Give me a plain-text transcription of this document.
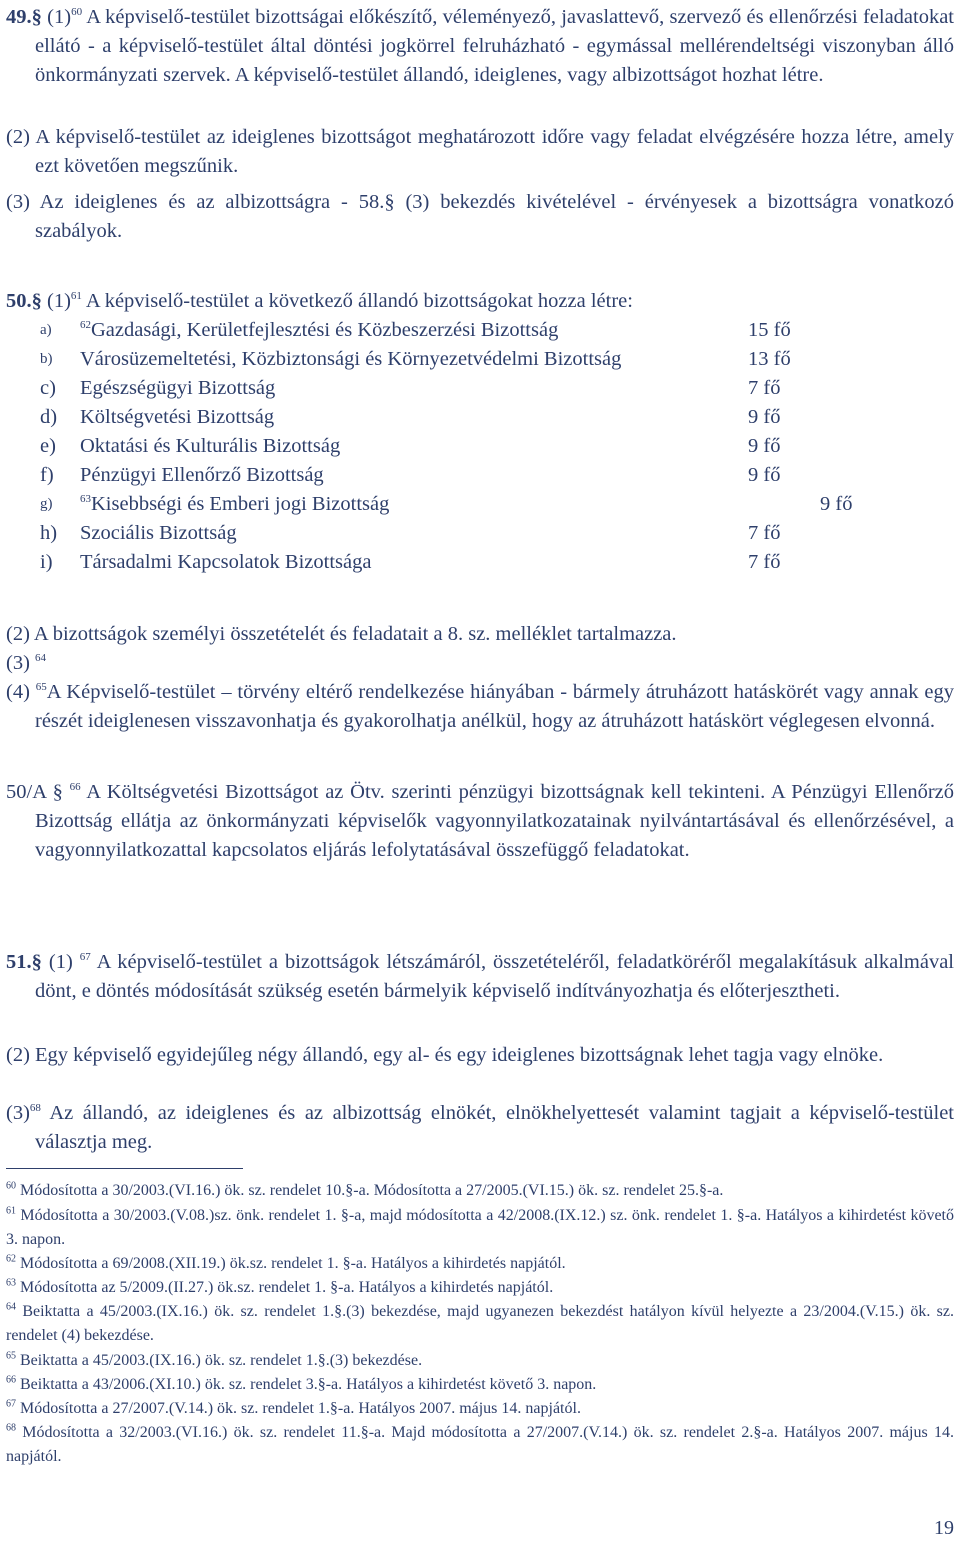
49.§ $(1)^{60}$ A képviselő-testület bizottságai előkészítő, véleményező, javaslattevő, szervező és ellenőrzési feladatokat ellátó - a képviselő-testület által döntési jogkörrel felruházható - egymással mellérendeltségi viszonyban álló önkormányzati szervek. A képviselő-testület állandó, ideiglenes, vagy albizottságot hozhat létre.

(2) A képviselő-testület az ideiglenes bizottságot meghatározott időre vagy feladat elvégzésére hozza létre, amely ezt követően megszűnik.

(3) Az ideiglenes és az albizottságra - 58.§ (3) bekezdés kivételével - érvényesek a bizottságra vonatkozó szabályok.

50.§ $(1)^{61}$ A képviselő-testület a következő állandó bizottságokat hozza létre:

a)	$^{62}$Gazdasági, Kerületfejlesztési és Közbeszerzési Bizottság	15 fő
b) Városüzemeltetési, Közbiztonsági és Környezetvédelmi Bizottság	13 fő
c) Egészségügyi Bizottság	7 fő
d) Költségvetési Bizottság	9 fő
e) Oktatási és Kulturális Bizottság	9 fő
f) Pénzügyi Ellenőrző Bizottság	9 fő
g)	$^{63}$Kisebbségi és Emberi jogi Bizottság	9 fő
h) Szociális Bizottság	7 fő
i) Társadalmi Kapcsolatok Bizottsága	7 fő

(2) A bizottságok személyi összetételét és feladatait a 8. sz. melléklet tartalmazza.

(3) $^{64}$

(4) $^{65}$A Képviselő-testület – törvény eltérő rendelkezése hiányában - bármely átruházott hatáskörét vagy annak egy részét ideiglenesen visszavonhatja és gyakorolhatja anélkül, hogy az átruházott hatáskört véglegesen elvonná.

50/A § $^{66}$ A Költségvetési Bizottságot az Ötv. szerinti pénzügyi bizottságnak kell tekinteni. A Pénzügyi Ellenőrző Bizottság ellátja az önkormányzati képviselők vagyonnyilatkozatainak nyilvántartásával és ellenőrzésével, a vagyonnyilatkozattal kapcsolatos eljárás lefolytatásával összefüggő feladatokat.

51.§ (1) $^{67}$ A képviselő-testület a bizottságok létszámáról, összetételéről, feladatköréről megalakításuk alkalmával dönt, e döntés módosítását szükség esetén bármelyik képviselő indítványozhatja és előterjesztheti.

(2) Egy képviselő egyidejűleg négy állandó, egy al- és egy ideiglenes bizottságnak lehet tagja vagy elnöke.

$(3)^{68}$ Az állandó, az ideiglenes és az albizottság elnökét, elnökhelyettesét valamint tagjait a képviselő-testület választja meg.

$^{60}$ Módosította a 30/2003.(VI.16.) ök. sz. rendelet 10.§-a. Módosította a 27/2005.(VI.15.) ök. sz. rendelet 25.§-a.

$^{61}$ Módosította a 30/2003.(V.08.)sz. önk. rendelet 1. §-a, majd módosította a 42/2008.(IX.12.) sz. önk. rendelet 1. §-a. Hatályos a kihirdetést követő 3. napon.

$^{62}$ Módosította a 69/2008.(XII.19.) ök.sz. rendelet 1. §-a. Hatályos a kihirdetés napjától.

$^{63}$ Módosította az 5/2009.(II.27.) ök.sz. rendelet 1. §-a. Hatályos a kihirdetés napjától.

$^{64}$ Beiktatta a 45/2003.(IX.16.) ök. sz. rendelet 1.§.(3) bekezdése, majd ugyanezen bekezdést hatályon kívül helyezte a 23/2004.(V.15.) ök. sz. rendelet (4) bekezdése.

$^{65}$ Beiktatta a 45/2003.(IX.16.) ök. sz. rendelet 1.§.(3) bekezdése.

$^{66}$ Beiktatta a 43/2006.(XI.10.) ök. sz. rendelet 3.§-a. Hatályos a kihirdetést követő 3. napon.

$^{67}$ Módosította a 27/2007.(V.14.) ök. sz. rendelet 1.§-a. Hatályos 2007. május 14. napjától.

$^{68}$ Módosította a 32/2003.(VI.16.) ök. sz. rendelet 11.§-a. Majd módosította a 27/2007.(V.14.) ök. sz. rendelet 2.§-a. Hatályos 2007. május 14. napjától.

19
